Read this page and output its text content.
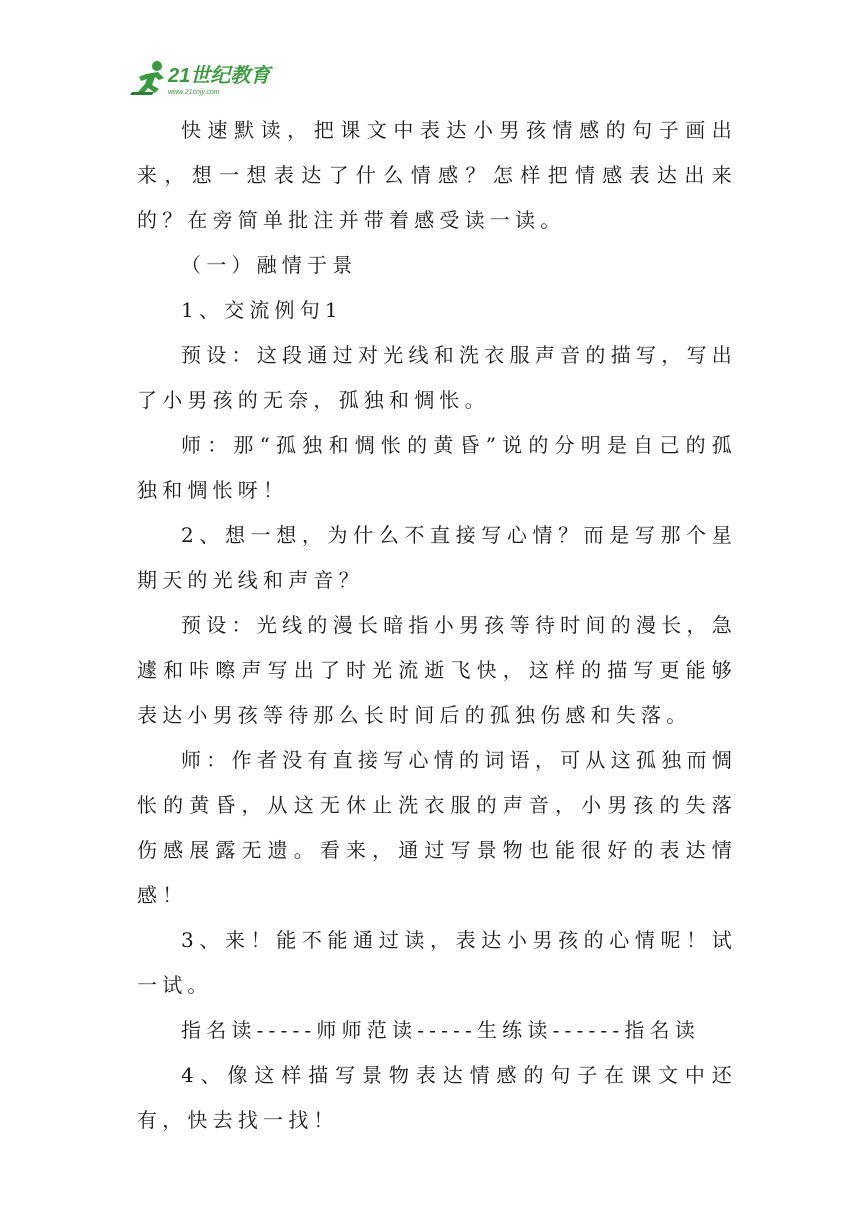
21世纪教育
www.21cnjy.com

快速默读，把课文中表达小男孩情感的句子画出来，想一想表达了什么情感？怎样把情感表达出来的？在旁简单批注并带着感受读一读。

（一）融情于景

1、交流例句1

预设：这段通过对光线和洗衣服声音的描写，写出了小男孩的无奈，孤独和惆怅。

师：那“孤独和惆怅的黄昏”说的分明是自己的孤独和惆怅呀！

2、想一想，为什么不直接写心情？而是写那个星期天的光线和声音？

预设：光线的漫长暗指小男孩等待时间的漫长，急遽和咔嚓声写出了时光流逝飞快，这样的描写更能够表达小男孩等待那么长时间后的孤独伤感和失落。

师：作者没有直接写心情的词语，可从这孤独而惆怅的黄昏，从这无休止洗衣服的声音，小男孩的失落伤感展露无遗。看来，通过写景物也能很好的表达情感！

3、来！能不能通过读，表达小男孩的心情呢！试一试。

指名读-----师师范读-----生练读------指名读

4、像这样描写景物表达情感的句子在课文中还有，快去找一找！
